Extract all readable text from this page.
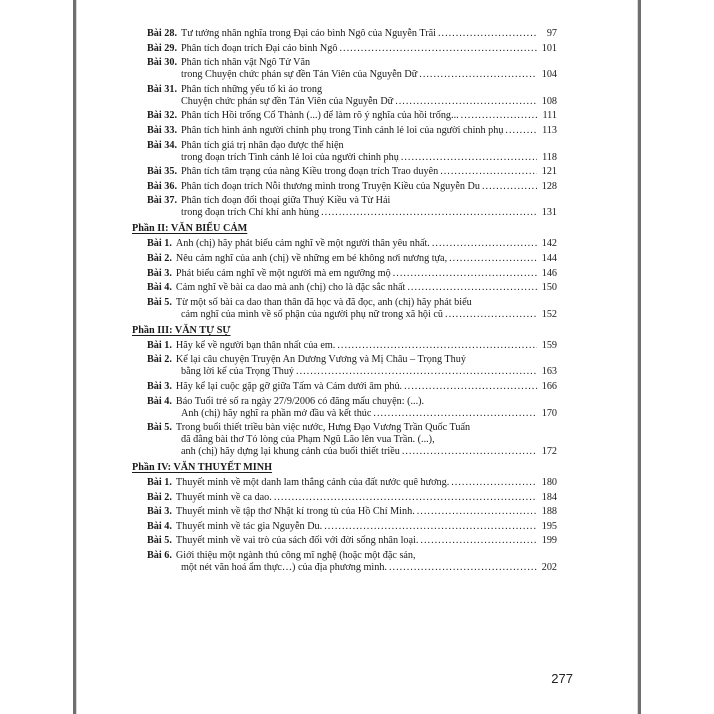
Bài 28. Tư tưởng nhân nghĩa trong Đại cáo bình Ngô của Nguyễn Trãi .....	97
Bài 29. Phân tích đoạn trích Đại cáo bình Ngô .....	101
Bài 30. Phân tích nhân vật Ngô Tử Văn
trong Chuyện chức phán sự đền Tản Viên của Nguyễn Dữ .....	104
Bài 31. Phân tích những yếu tố kì ảo trong
Chuyện chức phán sự đền Tản Viên của Nguyễn Dữ .....	108
Bài 32. Phân tích Hồi trống Cổ Thành (...) để làm rõ ý nghĩa của hồi trống... .....	111
Bài 33. Phân tích hình ảnh người chinh phụ trong Tình cảnh lẻ loi của người chinh phụ .....	113
Bài 34. Phân tích giá trị nhân đạo được thể hiện
trong đoạn trích Tình cảnh lẻ loi của người chinh phụ .....	118
Bài 35. Phân tích tâm trạng của nàng Kiều trong đoạn trích Trao duyên .....	121
Bài 36. Phân tích đoạn trích Nỗi thương mình trong Truyện Kiều của Nguyễn Du .....	128
Bài 37. Phân tích đoạn đối thoại giữa Thuý Kiều và Từ Hải
trong đoạn trích Chí khí anh hùng .....	131
Phần II: VĂN BIỂU CẢM
Bài 1. Anh (chị) hãy phát biểu cảm nghĩ về một người thân yêu nhất. .....	142
Bài 2. Nêu cảm nghĩ của anh (chị) về những em bé không nơi nương tựa, .....	144
Bài 3. Phát biểu cảm nghĩ về một người mà em ngưỡng mộ .....	146
Bài 4. Cảm nghĩ về bài ca dao mà anh (chị) cho là đặc sắc nhất .....	150
Bài 5. Từ một số bài ca dao than thân đã học và đã đọc, anh (chị) hãy phát biểu
cảm nghĩ của mình về số phận của người phụ nữ trong xã hội cũ .....	152
Phần III: VĂN TỰ SỰ
Bài 1. Hãy kể về người bạn thân nhất của em. .....	159
Bài 2. Kể lại câu chuyện Truyện An Dương Vương và Mị Châu – Trọng Thuỷ
bằng lời kể của Trọng Thuỷ .....	163
Bài 3. Hãy kể lại cuộc gặp gỡ giữa Tấm và Cám dưới âm phủ. .....	166
Bài 4. Báo Tuổi trẻ số ra ngày 27/9/2006 có đăng mẩu chuyện: (...).
Anh (chị) hãy nghĩ ra phần mở đầu và kết thúc .....	170
Bài 5. Trong buổi thiết triều bàn việc nước, Hưng Đạo Vương Trần Quốc Tuấn
đã đằng bài thơ Tỏ lòng của Phạm Ngũ Lão lên vua Trần. (...),
anh (chị) hãy dựng lại khung cảnh của buổi thiết triều .....	172
Phần IV: VĂN THUYẾT MINH
Bài 1. Thuyết minh về một danh lam thắng cảnh của đất nước quê hương. .....	180
Bài 2. Thuyết minh về ca dao. .....	184
Bài 3. Thuyết minh về tập thơ Nhật kí trong tù của Hồ Chí Minh. .....	188
Bài 4. Thuyết minh về tác gia Nguyễn Du. .....	195
Bài 5. Thuyết minh về vai trò của sách đối với đời sống nhân loại. .....	199
Bài 6. Giới thiệu một ngành thủ công mĩ nghệ (hoặc một đặc sản,
một nét văn hoá ẩm thực…) của địa phương mình. .....	202
277
